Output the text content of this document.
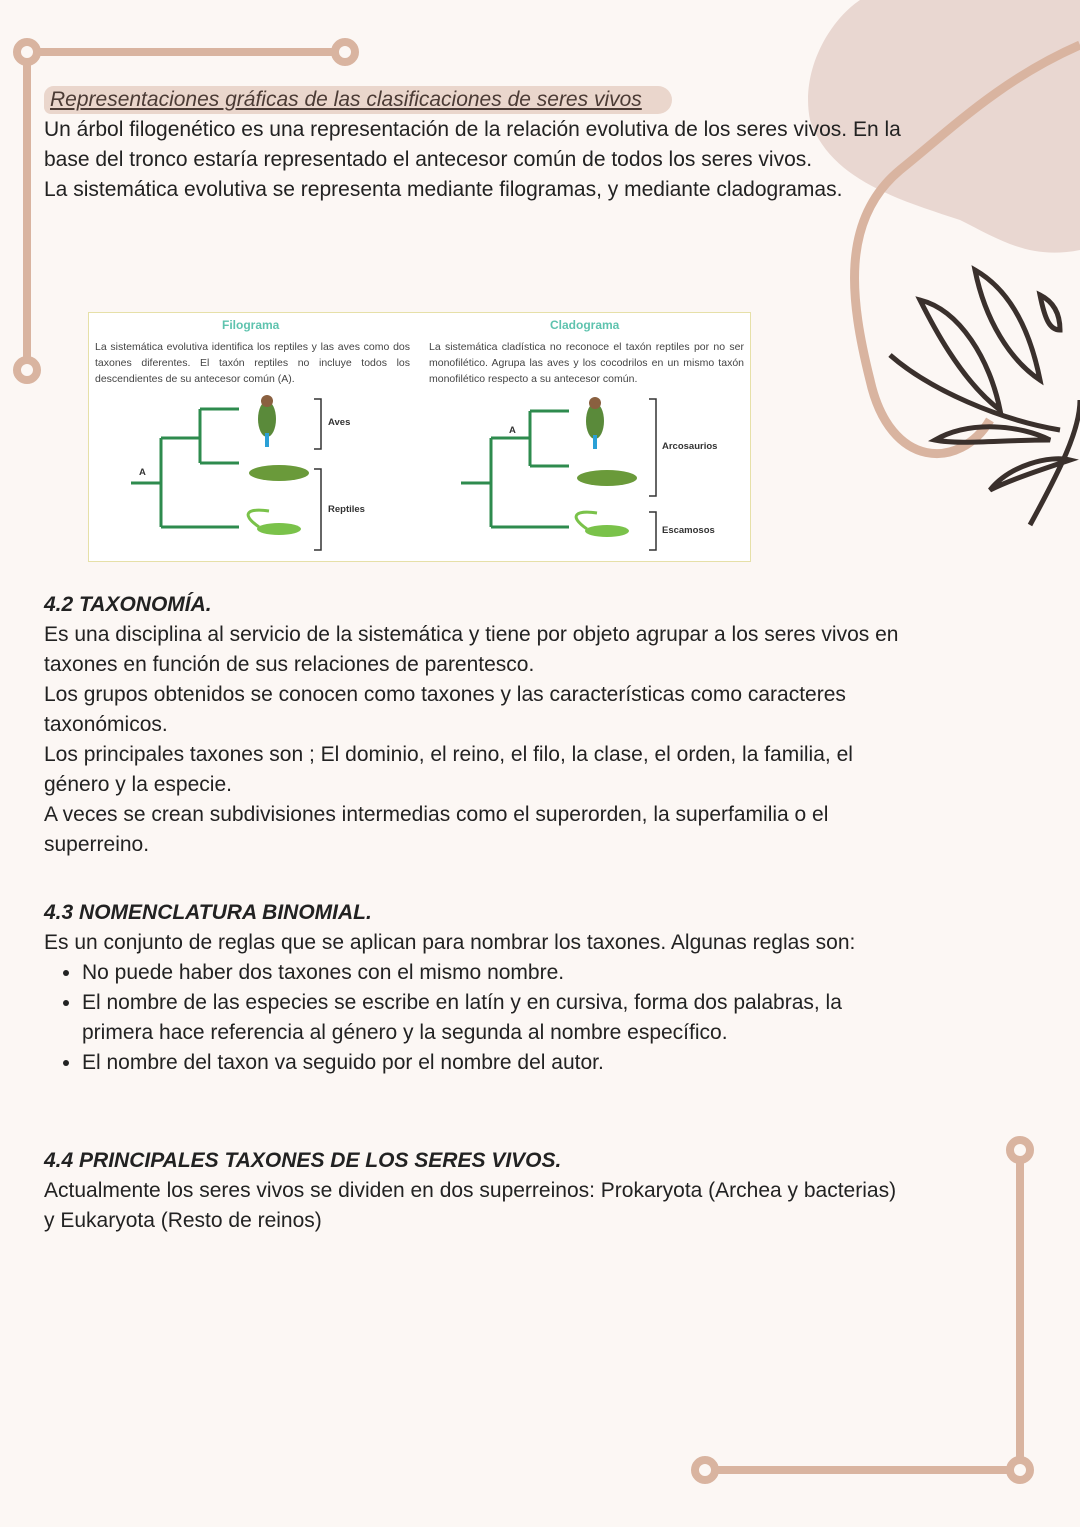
Representaciones gráficas de las clasificaciones de seres vivos

Un árbol filogenético es una representación de la relación evolutiva de los seres vivos. En la base del tronco estaría representado el antecesor común de todos los seres vivos.

La sistemática evolutiva se representa mediante filogramas, y mediante cladogramas.

Filograma
La sistemática evolutiva identifica los reptiles y las aves como dos taxones diferentes. El taxón reptiles no incluye todos los descendientes de su antecesor común (A).
Cladograma
La sistemática cladística no reconoce el taxón reptiles por no ser monofilético. Agrupa las aves y los cocodrilos en un mismo taxón monofilético respecto a su antecesor común.
A
Aves
Reptiles
A
Arcosaurios
Escamosos

4.2 TAXONOMÍA.

Es una disciplina al servicio de la sistemática y tiene por objeto agrupar a los seres vivos en taxones en función de sus relaciones de parentesco.

Los grupos obtenidos se conocen como taxones y las características como caracteres taxonómicos.

Los principales taxones son ; El dominio, el reino, el filo, la clase, el orden, la familia, el género y la especie.

A veces se crean subdivisiones intermedias como el superorden, la superfamilia o el superreino.

4.3 NOMENCLATURA BINOMIAL.

Es un conjunto de reglas que se aplican para nombrar los taxones. Algunas reglas son:

• No puede haber dos taxones con el mismo nombre.
• El nombre de las especies se escribe en latín y en cursiva, forma dos palabras, la primera hace referencia al género y la segunda al nombre específico.
• El nombre del taxon va seguido por el nombre del autor.

4.4 PRINCIPALES TAXONES DE LOS SERES VIVOS.

Actualmente los seres vivos se dividen en dos superreinos: Prokaryota (Archea y bacterias) y Eukaryota (Resto de reinos)
